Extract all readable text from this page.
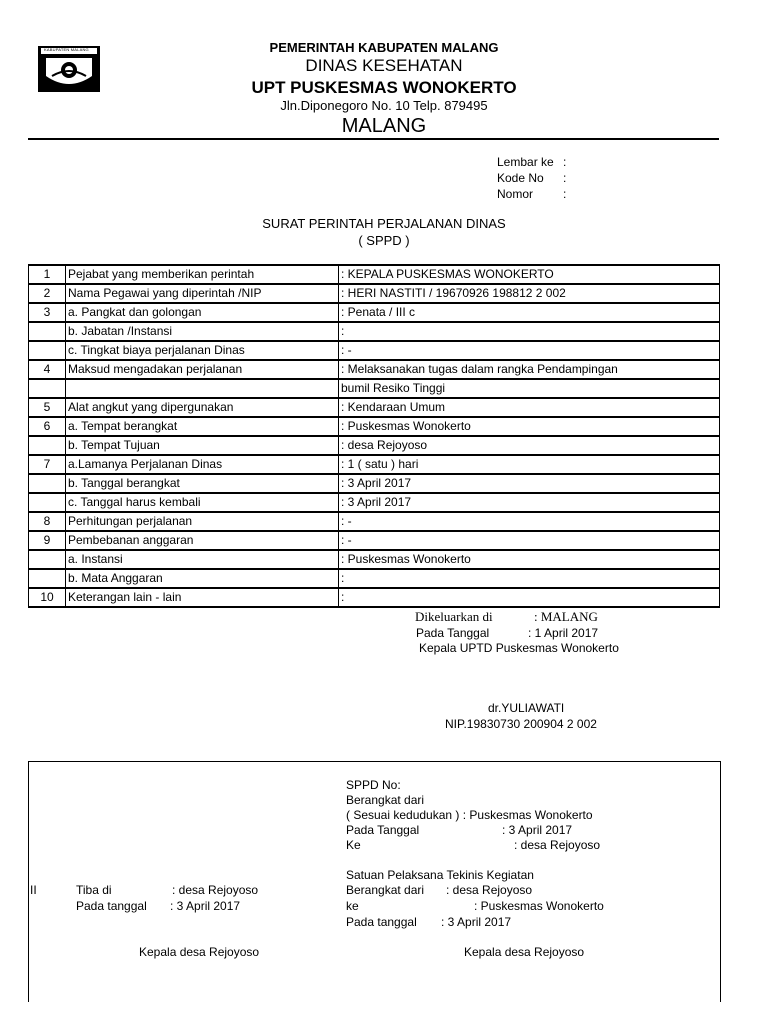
KABUPATEN MALANG	PEMERINTAH KABUPATEN MALANG
DINAS KESEHATAN
UPT PUSKESMAS WONOKERTO
Jln.Diponegoro No. 10 Telp. 879495
MALANG
Lembar ke :
Kode No :
Nomor :
SURAT PERINTAH PERJALANAN DINAS
( SPPD )
1	Pejabat yang memberikan perintah	: KEPALA PUSKESMAS WONOKERTO
2	Nama Pegawai yang diperintah /NIP	: HERI NASTITI / 19670926 198812 2 002
3	a. Pangkat dan golongan	: Penata / III c
	b. Jabatan /Instansi	:
	c. Tingkat biaya perjalanan Dinas	: -
4	Maksud mengadakan perjalanan	: Melaksanakan tugas dalam rangka Pendampingan
		bumil Resiko Tinggi
5	Alat angkut yang dipergunakan	: Kendaraan Umum
6	a. Tempat berangkat	: Puskesmas Wonokerto
	b. Tempat Tujuan	: desa Rejoyoso
7	a.Lamanya Perjalanan Dinas	: 1 ( satu ) hari
	b. Tanggal berangkat	: 3 April 2017
	c. Tanggal harus kembali	: 3 April 2017
8	Perhitungan perjalanan	: -
9	Pembebanan anggaran	: -
	a. Instansi	: Puskesmas Wonokerto
	b. Mata Anggaran	:
10	Keterangan lain - lain	:
Dikeluarkan di	: MALANG
Pada Tanggal	: 1 April 2017
Kepala UPTD Puskesmas Wonokerto
dr.YULIAWATI
NIP.19830730 200904 2 002
SPPD No:
Berangkat dari
( Sesuai kedudukan ) : Puskesmas Wonokerto
Pada Tanggal	: 3 April 2017
Ke	: desa Rejoyoso
Satuan Pelaksana Tekinis Kegiatan
II	Tiba di	: desa Rejoyoso
Pada tanggal : 3 April 2017
Berangkat dari : desa Rejoyoso
ke	: Puskesmas Wonokerto
Pada tanggal : 3 April 2017
Kepala desa Rejoyoso	Kepala desa Rejoyoso
